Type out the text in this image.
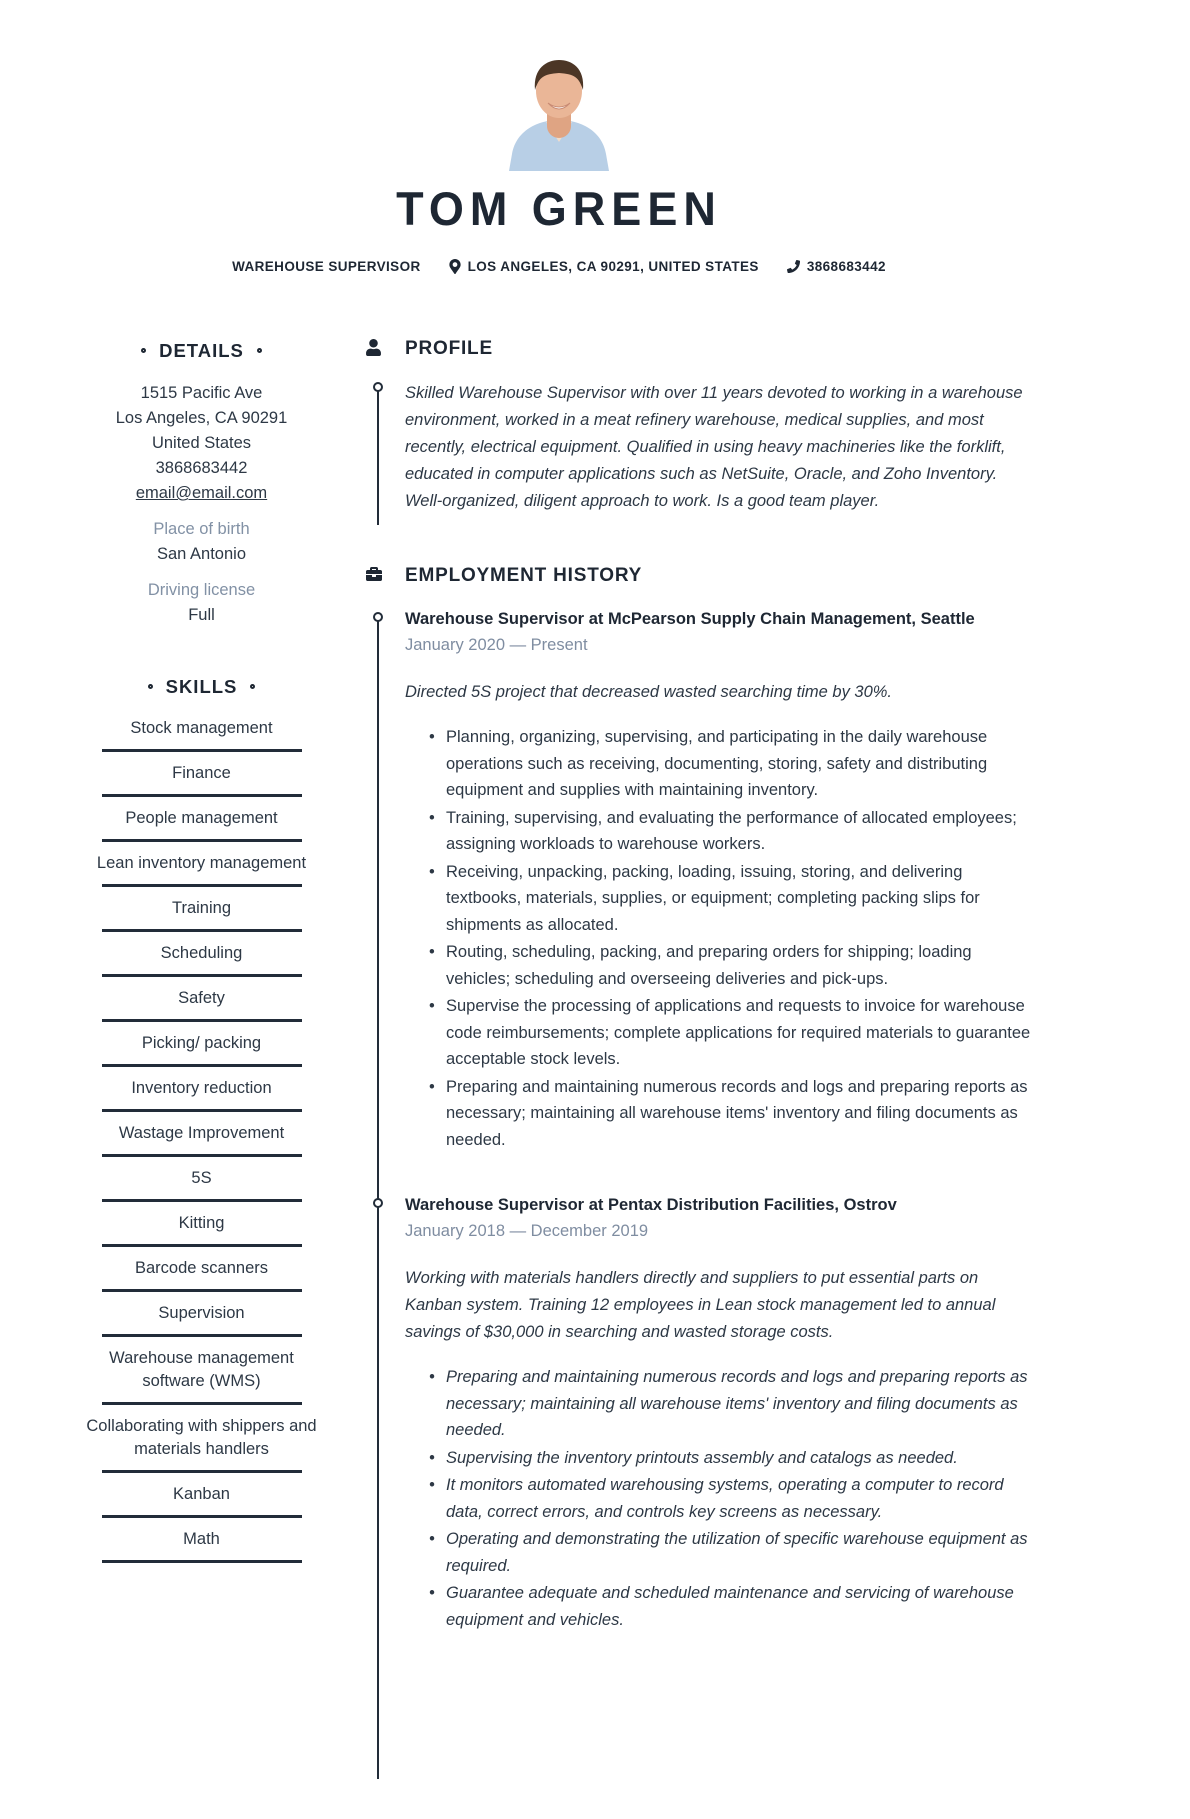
TOM GREEN
WAREHOUSE SUPERVISOR	LOS ANGELES, CA 90291, UNITED STATES	3868683442
DETAILS
1515 Pacific Ave
Los Angeles, CA 90291
United States
3868683442
email@email.com
Place of birth
San Antonio
Driving license
Full
SKILLS
Stock management
Finance
People management
Lean inventory management
Training
Scheduling
Safety
Picking/ packing
Inventory reduction
Wastage Improvement
5S
Kitting
Barcode scanners
Supervision
Warehouse management software (WMS)
Collaborating with shippers and materials handlers
Kanban
Math
PROFILE

Skilled Warehouse Supervisor with over 11 years devoted to working in a warehouse environment, worked in a meat refinery warehouse, medical supplies, and most recently, electrical equipment. Qualified in using heavy machineries like the forklift, educated in computer applications such as NetSuite, Oracle, and Zoho Inventory. Well-organized, diligent approach to work. Is a good team player.

EMPLOYMENT HISTORY
Warehouse Supervisor at McPearson Supply Chain Management, Seattle
January 2020 — Present

Directed 5S project that decreased wasted searching time by 30%.

• Planning, organizing, supervising, and participating in the daily warehouse operations such as receiving, documenting, storing, safety and distributing equipment and supplies with maintaining inventory.
• Training, supervising, and evaluating the performance of allocated employees; assigning workloads to warehouse workers.
• Receiving, unpacking, packing, loading, issuing, storing, and delivering textbooks, materials, supplies, or equipment; completing packing slips for shipments as allocated.
• Routing, scheduling, packing, and preparing orders for shipping; loading vehicles; scheduling and overseeing deliveries and pick-ups.
• Supervise the processing of applications and requests to invoice for warehouse code reimbursements; complete applications for required materials to guarantee acceptable stock levels.
• Preparing and maintaining numerous records and logs and preparing reports as necessary; maintaining all warehouse items' inventory and filing documents as needed.
Warehouse Supervisor at Pentax Distribution Facilities, Ostrov
January 2018 — December 2019

Working with materials handlers directly and suppliers to put essential parts on Kanban system. Training 12 employees in Lean stock management led to annual savings of $30,000 in searching and wasted storage costs.

• Preparing and maintaining numerous records and logs and preparing reports as necessary; maintaining all warehouse items' inventory and filing documents as needed.
• Supervising the inventory printouts assembly and catalogs as needed.
• It monitors automated warehousing systems, operating a computer to record data, correct errors, and controls key screens as necessary.
• Operating and demonstrating the utilization of specific warehouse equipment as required.
• Guarantee adequate and scheduled maintenance and servicing of warehouse equipment and vehicles.
